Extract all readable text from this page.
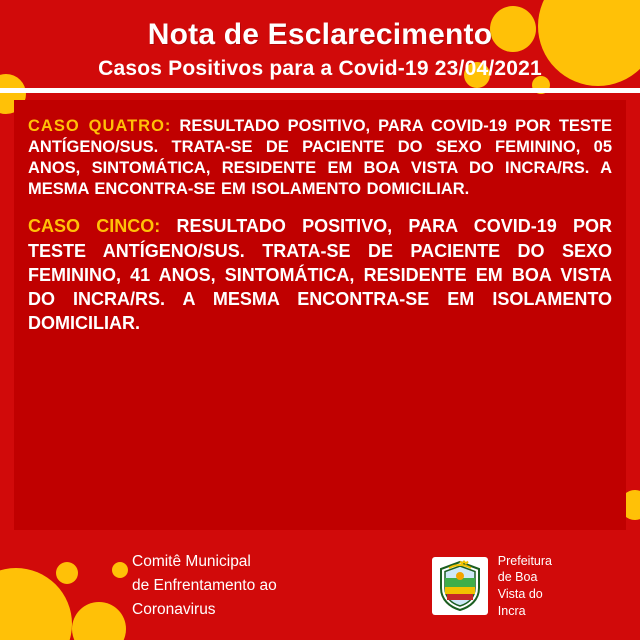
Nota de Esclarecimento

Casos Positivos para a Covid-19 23/04/2021

CASO QUATRO: RESULTADO POSITIVO, PARA COVID-19 POR TESTE ANTÍGENO/SUS. TRATA-SE DE PACIENTE DO SEXO FEMININO, 05 ANOS, SINTOMÁTICA, RESIDENTE EM BOA VISTA DO INCRA/RS. A MESMA ENCONTRA-SE EM ISOLAMENTO DOMICILIAR.

CASO CINCO: RESULTADO POSITIVO, PARA COVID-19 POR TESTE ANTÍGENO/SUS. TRATA-SE DE PACIENTE DO SEXO FEMININO, 41 ANOS, SINTOMÁTICA, RESIDENTE EM BOA VISTA DO INCRA/RS. A MESMA ENCONTRA-SE EM ISOLAMENTO DOMICILIAR.

Comitê Municipal
de Enfrentamento ao
Coronavirus
Prefeitura
de Boa
Vista do
Incra
